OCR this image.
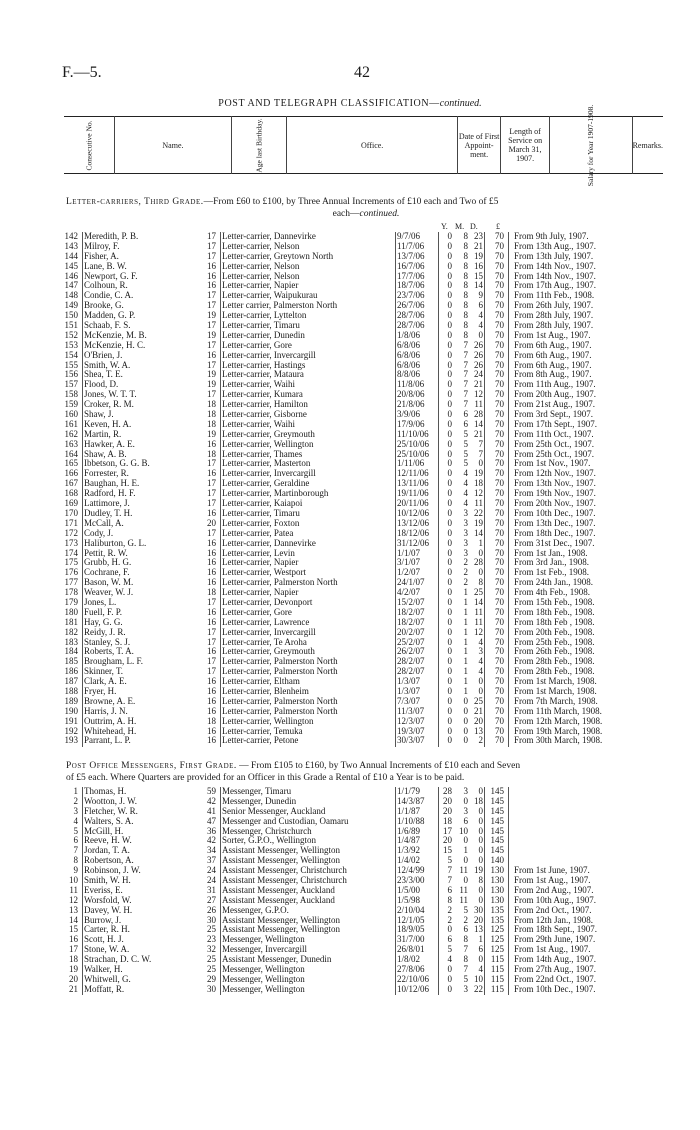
F.—5.	42
POST AND TELEGRAPH CLASSIFICATION—continued.
Consecutive No.	Name.	Age last Birthday.	Office.	Date of First Appoint-ment.	Length of Service on March 31, 1907.	Salary for Year 1907-1908.	Remarks.
Letter-carriers, Third Grade.—From £60 to £100, by Three Annual Increments of £10 each and Two of £5
each—continued.
Y. M. D. £
142 Meredith, P. B.	17 Letter-carrier, Dannevirke	9/7/06	0	8 23	70 From 9th July, 1907.
143 Milroy, F.	17 Letter-carrier, Nelson	11/7/06	0	8 21	70 From 13th Aug., 1907.
144 Fisher, A.	17 Letter-carrier, Greytown North	13/7/06	0	8 19	70 From 13th July, 1907.
145 Lane, B. W.	16 Letter-carrier, Nelson	16/7/06	0	8 16	70 From 14th Nov., 1907.
146 Newport, G. F.	16 Letter-carrier, Nelson	17/7/06	0	8 15	70 From 14th Nov., 1907.
147 Colhoun, R.	16 Letter-carrier, Napier	18/7/06	0	8 14	70 From 17th Aug., 1907.
148 Condie, C. A.	17 Letter-carrier, Waipukurau	23/7/06	0	8	9	70 From 11th Feb., 1908.
149 Brooke, G.	17 Letter carrier, Palmerston North	26/7/06	0	8	6	70 From 26th July, 1907.
150 Madden, G. P.	19 Letter-carrier, Lyttelton	28/7/06	0	8	4	70 From 28th July, 1907.
151 Schaab, F. S.	17 Letter-carrier, Timaru	28/7/06	0	8	4	70 From 28th July, 1907.
152 McKenzie, M. B.	19 Letter-carrier, Dunedin	1/8/06	0	8	0	70 From 1st Aug., 1907.
153 McKenzie, H. C.	17 Letter-carrier, Gore	6/8/06	0	7 26	70 From 6th Aug., 1907.
154 O'Brien, J.	16 Letter-carrier, Invercargill	6/8/06	0	7 26	70 From 6th Aug., 1907.
155 Smith, W. A.	17 Letter-carrier, Hastings	6/8/06	0	7 26	70 From 6th Aug., 1907.
156 Shea, T. E.	19 Letter-carrier, Mataura	8/8/06	0	7 24	70 From 8th Aug., 1907.
157 Flood, D.	19 Letter-carrier, Waihi	11/8/06	0	7 21	70 From 11th Aug., 1907.
158 Jones, W. T. T.	17 Letter-carrier, Kumara	20/8/06	0	7 12	70 From 20th Aug., 1907.
159 Croker, R. M.	18 Letter-carrier, Hamilton	21/8/06	0	7 11	70 From 21st Aug., 1907.
160 Shaw, J.	18 Letter-carrier, Gisborne	3/9/06	0	6 28	70 From 3rd Sept., 1907.
161 Keven, H. A.	18 Letter-carrier, Waihi	17/9/06	0	6 14	70 From 17th Sept., 1907.
162 Martin, R.	19 Letter-carrier, Greymouth	11/10/06	0	5 21	70 From 11th Oct., 1907.
163 Hawker, A. E.	16 Letter-carrier, Wellington	25/10/06	0	5	7	70 From 25th Oct., 1907.
164 Shaw, A. B.	18 Letter-carrier, Thames	25/10/06	0	5	7	70 From 25th Oct., 1907.
165 Ibbetson, G. G. B.	17 Letter-carrier, Masterton	1/11/06	0	5	0	70 From 1st Nov., 1907.
166 Forrester, R.	16 Letter-carrier, Invercargill	12/11/06	0	4 19	70 From 12th Nov., 1907.
167 Baughan, H. E.	17 Letter-carrier, Geraldine	13/11/06	0	4 18	70 From 13th Nov., 1907.
168 Radford, H. F.	17 Letter-carrier, Martinborough	19/11/06	0	4 12	70 From 19th Nov., 1907.
169 Lattimore, J.	17 Letter-carrier, Kaiapoi	20/11/06	0	4 11	70 From 20th Nov., 1907.
170 Dudley, T. H.	16 Letter-carrier, Timaru	10/12/06	0	3 22	70 From 10th Dec., 1907.
171 McCall, A.	20 Letter-carrier, Foxton	13/12/06	0	3 19	70 From 13th Dec., 1907.
172 Cody, J.	17 Letter-carrier, Patea	18/12/06	0	3 14	70 From 18th Dec., 1907.
173 Haliburton, G. L.	16 Letter-carrier, Dannevirke	31/12/06	0	3	1	70 From 31st Dec., 1907.
174 Pettit, R. W.	16 Letter-carrier, Levin	1/1/07	0	3	0	70 From 1st Jan., 1908.
175 Grubb, H. G.	16 Letter-carrier, Napier	3/1/07	0	2 28	70 From 3rd Jan., 1908.
176 Cochrane, F.	16 Letter-carrier, Westport	1/2/07	0	2	0	70 From 1st Feb., 1908.
177 Bason, W. M.	16 Letter-carrier, Palmerston North	24/1/07	0	2	8	70 From 24th Jan., 1908.
178 Weaver, W. J.	18 Letter-carrier, Napier	4/2/07	0	1 25	70 From 4th Feb., 1908.
179 Jones, L.	17 Letter-carrier, Devonport	15/2/07	0	1 14	70 From 15th Feb., 1908.
180 Fuell, F. P.	16 Letter-carrier, Gore	18/2/07	0	1 11	70 From 18th Feb., 1908.
181 Hay, G. G.	16 Letter-carrier, Lawrence	18/2/07	0	1 11	70 From 18th Feb , 1908.
182 Reidy, J. R.	17 Letter-carrier, Invercargill	20/2/07	0	1 12	70 From 20th Feb., 1908.
183 Stanley, S. J.	17 Letter-carrier, Te Aroha	25/2/07	0	1	4	70 From 25th Feb., 1908.
184 Roberts, T. A.	16 Letter-carrier, Greymouth	26/2/07	0	1	3	70 From 26th Feb., 1908.
185 Brougham, L. F.	17 Letter-carrier, Palmerston North	28/2/07	0	1	4	70 From 28th Feb., 1908.
186 Skinner, T.	17 Letter-carrier, Palmerston North	28/2/07	0	1	4	70 From 28th Feb., 1908.
187 Clark, A. E.	16 Letter-carrier, Eltham	1/3/07	0	1	0	70 From 1st March, 1908.
188 Fryer, H.	16 Letter-carrier, Blenheim	1/3/07	0	1	0	70 From 1st March, 1908.
189 Browne, A. E.	16 Letter-carrier, Palmerston North	7/3/07	0	0 25	70 From 7th March, 1908.
190 Harris, J. N.	16 Letter-carrier, Palmerston North	11/3/07	0	0 21	70 From 11th March, 1908.
191 Outtrim, A. H.	18 Letter-carrier, Wellington	12/3/07	0	0 20	70 From 12th March, 1908.
192 Whitehead, H.	16 Letter-carrier, Temuka	19/3/07	0	0 13	70 From 19th March, 1908.
193 Parrant, L. P.	16 Letter-carrier, Petone	30/3/07	0	0	2	70 From 30th March, 1908.
Post Office Messengers, First Grade. — From £105 to £160, by Two Annual Increments of £10 each and Seven
of £5 each. Where Quarters are provided for an Officer in this Grade a Rental of £10 a Year is to be paid.
1 Thomas, H.	59 Messenger, Timaru	1/1/79	28	3	0 145
2 Wootton, J. W.	42 Messenger, Dunedin	14/3/87	20	0 18 145
3 Fletcher, W. R.	41 Senior Messenger, Auckland	1/1/87	20	3	0 145
4 Walters, S. A.	47 Messenger and Custodian, Oamaru	1/10/88	18	6	0 145
5 McGill, H.	36 Messenger, Christchurch	1/6/89	17 10	0 145
6 Reeve, H. W.	42 Sorter, G.P.O., Wellington	1/4/87	20	0	0 145
7 Jordan, T. A.	34 Assistant Messenger, Wellington	1/3/92	15	1	0 145
8 Robertson, A.	37 Assistant Messenger, Wellington	1/4/02	5	0	0 140
9 Robinson, J. W.	24 Assistant Messenger, Christchurch	12/4/99	7 11 19 130 From 1st June, 1907.
10 Smith, W. H.	24 Assistant Messenger, Christchurch	23/3/00	7	0	8 130 From 1st Aug., 1907.
11 Everiss, E.	31 Assistant Messenger, Auckland	1/5/00	6 11	0 130 From 2nd Aug., 1907.
12 Worsfold, W.	27 Assistant Messenger, Auckland	1/5/98	8 11	0 130 From 10th Aug., 1907.
13 Davey, W. H.	26 Messenger, G.P.O.	2/10/04	2	5 30 135 From 2nd Oct., 1907.
14 Burrow, J.	30 Assistant Messenger, Wellington	12/1/05	2	2 20 135 From 12th Jan., 1908.
15 Carter, R. H.	25 Assistant Messenger, Wellington	18/9/05	0	6 13 125 From 18th Sept., 1907.
16 Scott, H. J.	23 Messenger, Wellington	31/7/00	6	8	1 125 From 29th June, 1907.
17 Stone, W. A.	32 Messenger, Invercargill	26/8/01	5	7	6 125 From 1st Aug., 1907.
18 Strachan, D. C. W.	25 Assistant Messenger, Dunedin	1/8/02	4	8	0 115 From 14th Aug., 1907.
19 Walker, H.	25 Messenger, Wellington	27/8/06	0	7	4 115 From 27th Aug., 1907.
20 Whitwell, G.	29 Messenger, Wellington	22/10/06	0	5 10 115 From 22nd Oct., 1907.
21 Moffatt, R.	30 Messenger, Wellington	10/12/06	0	3 22 115 From 10th Dec., 1907.
